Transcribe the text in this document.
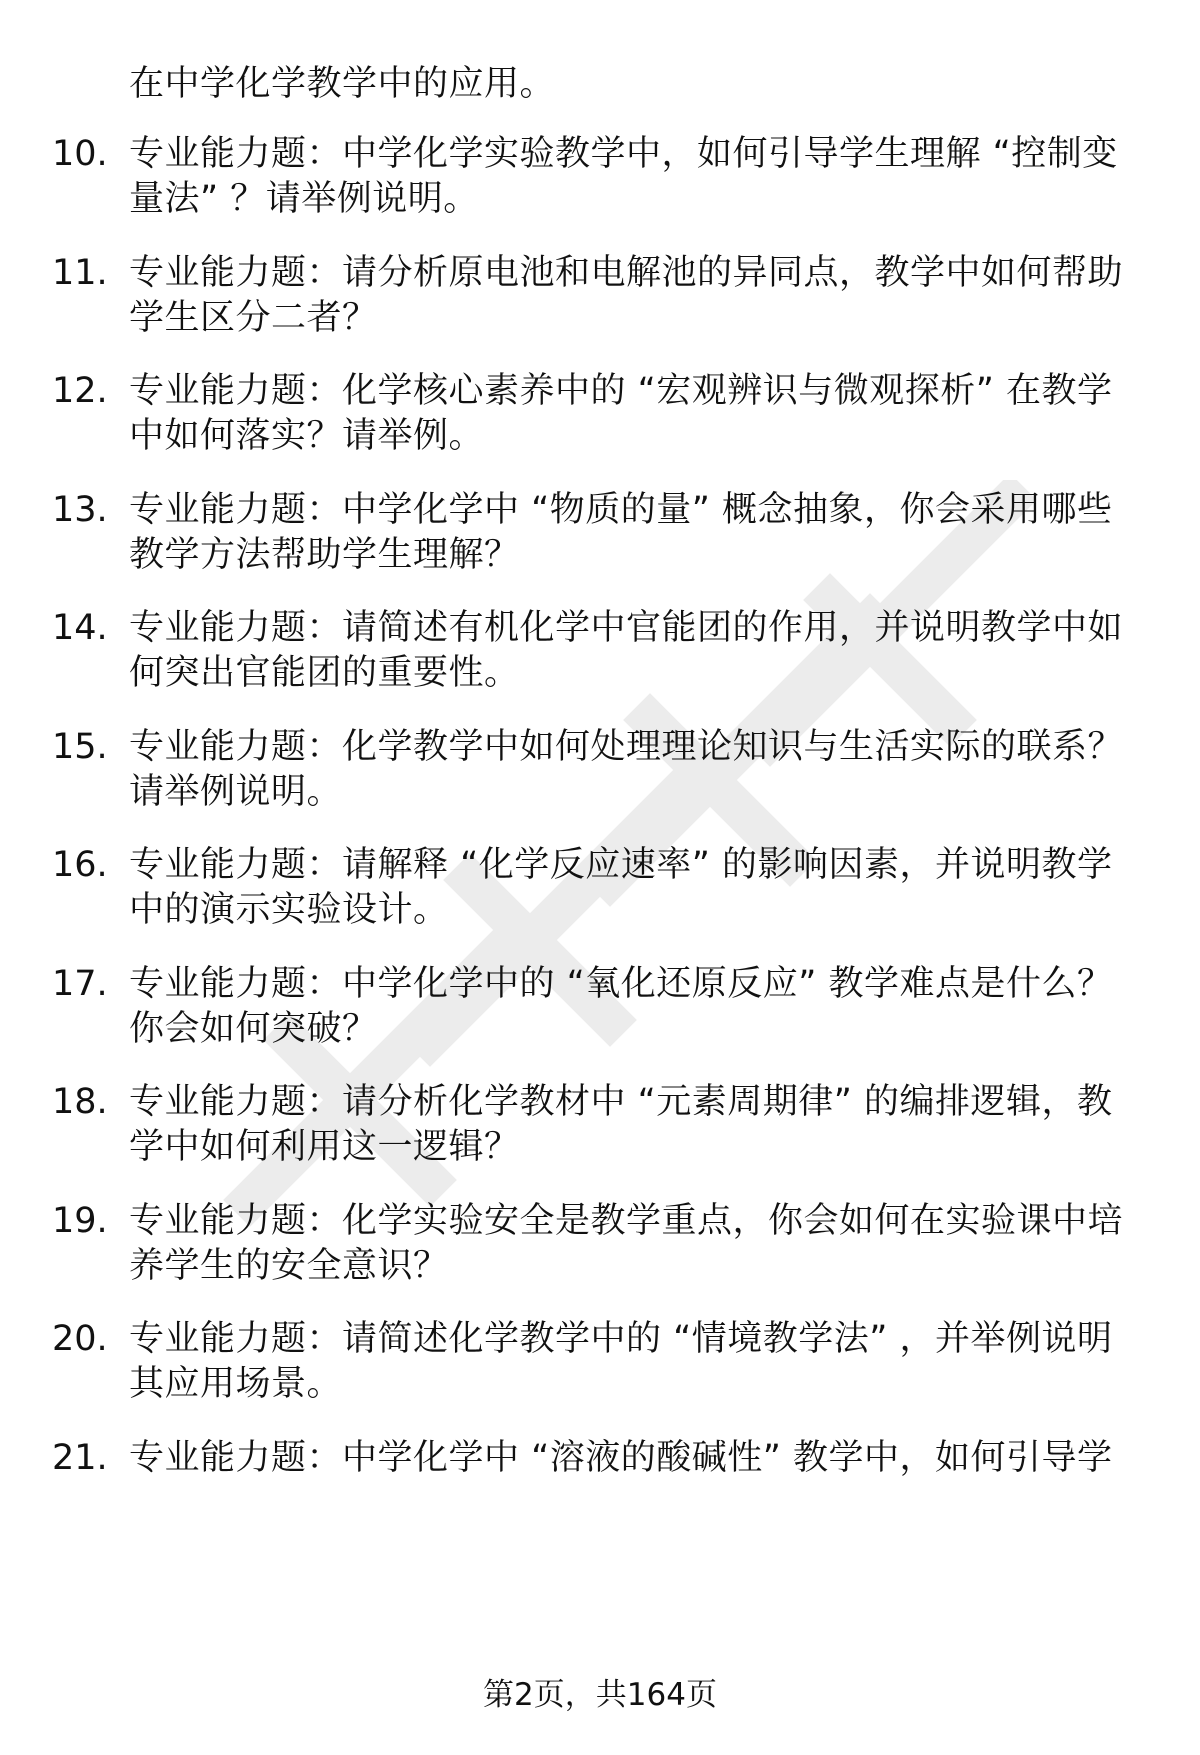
在中学化学教学中的应用。
10. 专业能力题：中学化学实验教学中，如何引导学生理解 “控制变
量法” ？请举例说明。
11. 专业能力题：请分析原电池和电解池的异同点，教学中如何帮助
学生区分二者？
12. 专业能力题：化学核心素养中的 “宏观辨识与微观探析” 在教学
中如何落实？请举例。
13. 专业能力题：中学化学中 “物质的量” 概念抽象，你会采用哪些
教学方法帮助学生理解？
14. 专业能力题：请简述有机化学中官能团的作用，并说明教学中如
何突出官能团的重要性。
15. 专业能力题：化学教学中如何处理理论知识与生活实际的联系？
请举例说明。
16. 专业能力题：请解释 “化学反应速率” 的影响因素，并说明教学
中的演示实验设计。
17. 专业能力题：中学化学中的 “氧化还原反应” 教学难点是什么？
你会如何突破？
18. 专业能力题：请分析化学教材中 “元素周期律” 的编排逻辑，教
学中如何利用这一逻辑？
19. 专业能力题：化学实验安全是教学重点，你会如何在实验课中培
养学生的安全意识？
20. 专业能力题：请简述化学教学中的 “情境教学法” ，并举例说明
其应用场景。
21. 专业能力题：中学化学中 “溶液的酸碱性” 教学中，如何引导学
第2页，共164页
